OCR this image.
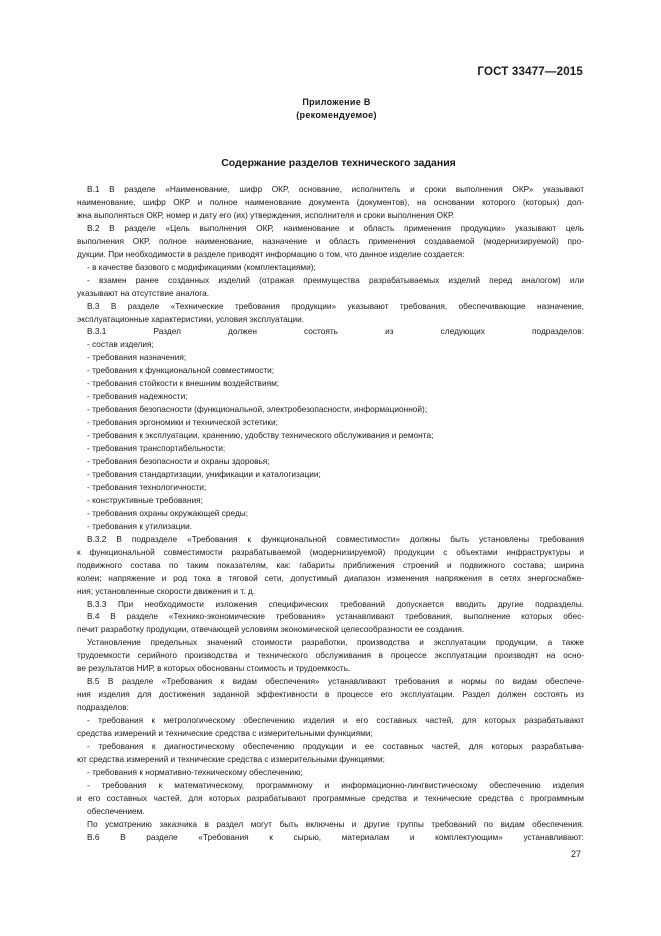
ГОСТ 33477—2015
Приложение В
(рекомендуемое)
Содержание разделов технического задания
В.1 В разделе «Наименование, шифр ОКР, основание, исполнитель и сроки выполнения ОКР» указывают
наименование, шифр ОКР и полное наименование документа (документов), на основании которого (которых) дол-
жна выполняться ОКР, номер и дату его (их) утверждения, исполнителя и сроки выполнения ОКР.
В.2 В разделе «Цель выполнения ОКР, наименование и область применения продукции» указывают цель
выполнения ОКР, полное наименование, назначение и область применения создаваемой (модернизируемой) про-
дукции. При необходимости в разделе приводят информацию о том, что данное изделие создается:
- в качестве базового с модификациями (комплектациями);
- взамен ранее созданных изделий (отражая преимущества разрабатываемых изделий перед аналогом) или
указывают на отсутствие аналога.
В.3 В разделе «Технические требования продукции» указывают требования, обеспечивающие назначение,
эксплуатационные характеристики, условия эксплуатации.
В.3.1 Раздел должен состоять из следующих подразделов:
- состав изделия;
- требования назначения;
- требования к функциональной совместимости;
- требования стойкости к внешним воздействиям;
- требования надежности;
- требования безопасности (функциональной, электробезопасности, информационной);
- требования эргономики и технической эстетики;
- требования к эксплуатации, хранению, удобству технического обслуживания и ремонта;
- требования транспортабельности;
- требования безопасности и охраны здоровья;
- требования стандартизации, унификации и каталогизации;
- требования технологичности;
- конструктивные требования;
- требования охраны окружающей среды;
- требования к утилизации.
В.3.2 В подразделе «Требования к функциональной совместимости» должны быть установлены требования
к функциональной совместимости разрабатываемой (модернизируемой) продукции с объектами инфраструктуры и
подвижного состава по таким показателям, как: габариты приближения строений и подвижного состава; ширина
колеи; напряжение и род тока в тяговой сети, допустимый диапазон изменения напряжения в сетях энергоснабже-
ния; установленные скорости движения и т. д.
В.3.3 При необходимости изложения специфических требований допускается вводить другие подразделы.
В.4 В разделе «Технико-экономические требования» устанавливают требования, выполнение которых обес-
печит разработку продукции, отвечающей условиям экономической целесообразности ее создания.
Установление предельных значений стоимости разработки, производства и эксплуатации продукции, а также
трудоемкости серийного производства и технического обслуживания в процессе эксплуатации производят на осно-
ве результатов НИР, в которых обоснованы стоимость и трудоемкость.
В.5 В разделе «Требования к видам обеспечения» устанавливают требования и нормы по видам обеспече-
ния изделия для достижения заданной эффективности в процессе его эксплуатации. Раздел должен состоять из
подразделов:
- требования к метрологическому обеспечению изделия и его составных частей, для которых разрабатывают
средства измерений и технические средства с измерительными функциями;
- требования к диагностическому обеспечению продукции и ее составных частей, для которых разрабатыва-
ют средства измерений и технические средства с измерительными функциями;
- требования к нормативно-техническому обеспечению;
- требования к математическому, программному и информационно-лингвистическому обеспечению изделия
и его составных частей, для которых разрабатывают программные средства и технические средства с программным
обеспечением.
По усмотрению заказчика в раздел могут быть включены и другие группы требований по видам обеспечения.
В.6 В разделе «Требования к сырью, материалам и комплектующим» устанавливают:
27
